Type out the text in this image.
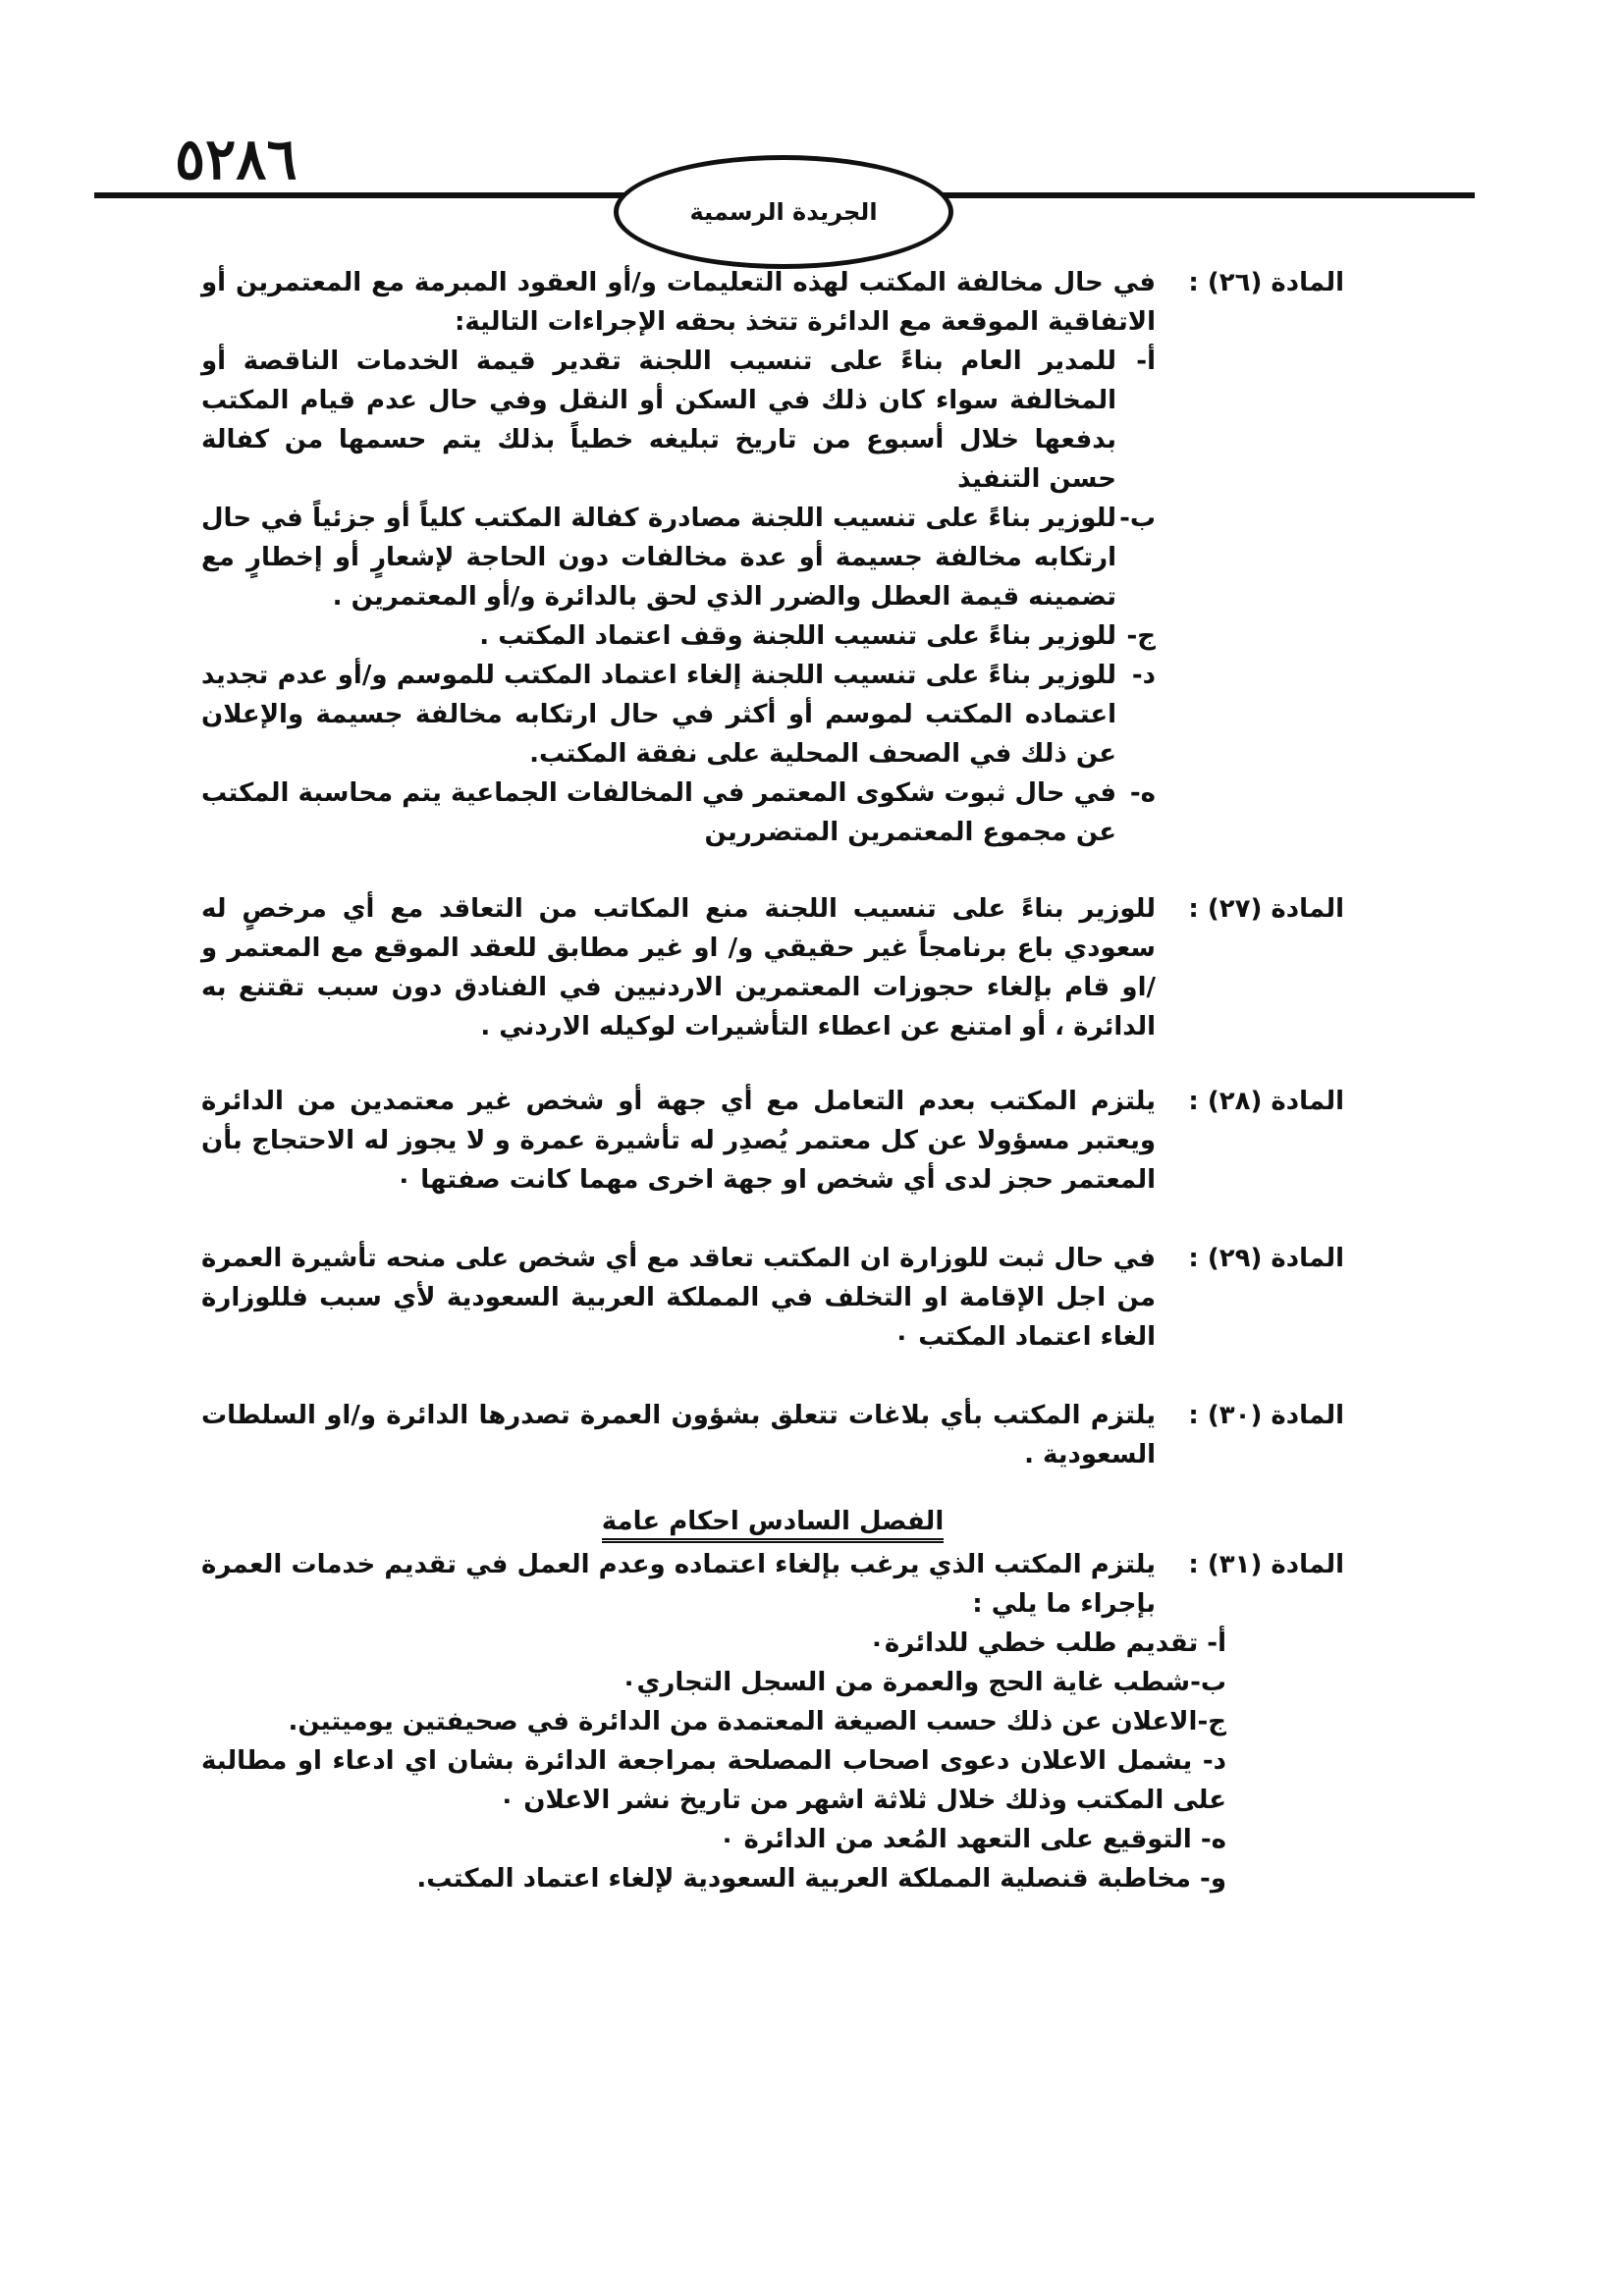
٥٢٨٦
الجريدة الرسمية
المادة (٢٦) :

في حال مخالفة المكتب لهذه التعليمات و/أو العقود المبرمة مع المعتمرين أو الاتفاقية الموقعة مع الدائرة تتخذ بحقه الإجراءات التالية:

أ-
للمدير العام بناءً على تنسيب اللجنة تقدير قيمة الخدمات الناقصة أو المخالفة سواء كان ذلك في السكن أو النقل وفي حال عدم قيام المكتب بدفعها خلال أسبوع من تاريخ تبليغه خطياً بذلك يتم حسمها من كفالة حسن التنفيذ
ب-
للوزير بناءً على تنسيب اللجنة مصادرة كفالة المكتب كلياً أو جزئياً في حال ارتكابه مخالفة جسيمة أو عدة مخالفات دون الحاجة لإشعارٍ أو إخطارٍ مع تضمينه قيمة العطل والضرر الذي لحق بالدائرة و/أو المعتمرين .
ج-
للوزير بناءً على تنسيب اللجنة وقف اعتماد المكتب .
د-
للوزير بناءً على تنسيب اللجنة إلغاء اعتماد المكتب للموسم و/أو عدم تجديد اعتماده المكتب لموسم أو أكثر في حال ارتكابه مخالفة جسيمة والإعلان عن ذلك في الصحف المحلية على نفقة المكتب.
ه-
في حال ثبوت شكوى المعتمر في المخالفات الجماعية يتم محاسبة المكتب عن مجموع المعتمرين المتضررين
المادة (٢٧) :

للوزير بناءً على تنسيب اللجنة منع المكاتب من التعاقد مع أي مرخصٍ له سعودي باع برنامجاً غير حقيقي و/ او غير مطابق للعقد الموقع مع المعتمر و /او قام بإلغاء حجوزات المعتمرين الاردنيين في الفنادق دون سبب تقتنع به الدائرة ، أو امتنع عن اعطاء التأشيرات لوكيله الاردني .

المادة (٢٨) :

يلتزم المكتب بعدم التعامل مع أي جهة أو شخص غير معتمدين من الدائرة ويعتبر مسؤولا عن كل معتمر يُصدِر له تأشيرة عمرة و لا يجوز له الاحتجاج بأن المعتمر حجز لدى أي شخص او جهة اخرى مهما كانت صفتها ٠

المادة (٢٩) :

في حال ثبت للوزارة ان المكتب تعاقد مع أي شخص على منحه تأشيرة العمرة من اجل الإقامة او التخلف في المملكة العربية السعودية لأي سبب فللوزارة الغاء اعتماد المكتب ٠

المادة (٣٠) :

يلتزم المكتب بأي بلاغات تتعلق بشؤون العمرة تصدرها الدائرة و/او السلطات السعودية .

الفصل السادس احكام عامة
المادة (٣١) :

يلتزم المكتب الذي يرغب بإلغاء اعتماده وعدم العمل في تقديم خدمات العمرة بإجراء ما يلي :

أ- تقديم طلب خطي للدائرة٠
ب-شطب غاية الحج والعمرة من السجل التجاري٠
ج-الاعلان عن ذلك حسب الصيغة المعتمدة من الدائرة في صحيفتين يوميتين.
د- يشمل الاعلان دعوى اصحاب المصلحة بمراجعة الدائرة بشان اي ادعاء او مطالبة على المكتب وذلك خلال ثلاثة اشهر من تاريخ نشر الاعلان ٠
ه- التوقيع على التعهد المُعد من الدائرة ٠
و- مخاطبة قنصلية المملكة العربية السعودية لإلغاء اعتماد المكتب.
